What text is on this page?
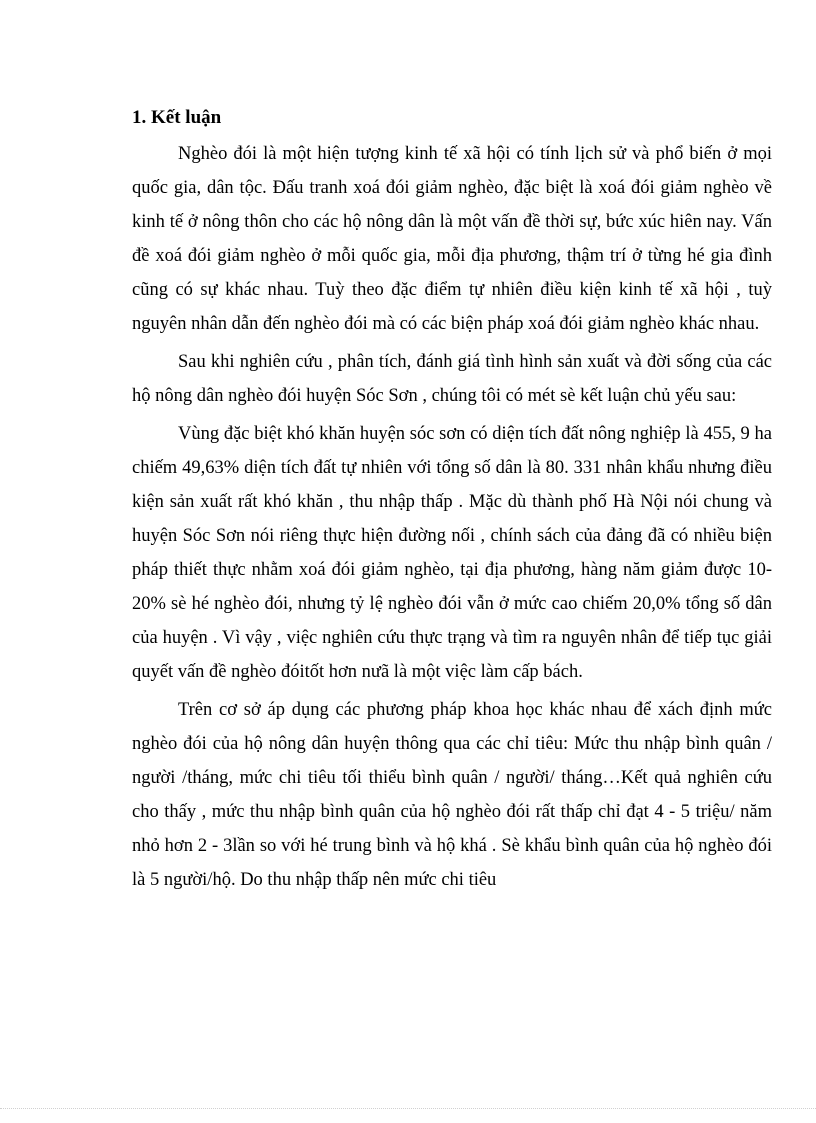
1. Kết luận

Nghèo đói là một hiện tượng kinh tế xã hội có tính lịch sử và phổ biến ở mọi quốc gia, dân tộc. Đấu tranh xoá đói giảm nghèo, đặc biệt là xoá đói giảm nghèo về kinh tế ở nông thôn cho các hộ nông dân là một vấn đề thời sự, bức xúc hiên nay. Vấn đề xoá đói giảm nghèo ở mỗi quốc gia, mỗi địa phương, thậm trí ở từng hé gia đình cũng có sự khác nhau. Tuỳ theo đặc điểm tự nhiên điều kiện kinh tế xã hội , tuỳ nguyên nhân dẫn đến nghèo đói mà có các biện pháp xoá đói giảm nghèo khác nhau.

Sau khi nghiên cứu , phân tích, đánh giá tình hình sản xuất và đời sống của các hộ nông dân nghèo đói huyện Sóc Sơn , chúng tôi có mét sè kết luận chủ yếu sau:

Vùng đặc biệt khó khăn huyện sóc sơn có diện tích đất nông nghiệp là 455, 9 ha chiếm 49,63% diện tích đất tự nhiên với tổng số dân là 80. 331 nhân khẩu nhưng điều kiện sản xuất rất khó khăn , thu nhập thấp . Mặc dù thành phố Hà Nội nói chung và huyện Sóc Sơn nói riêng thực hiện đường nối , chính sách của đảng đã có nhiều biện pháp thiết thực nhằm xoá đói giảm nghèo, tại địa phương, hàng năm giảm được 10-20% sè hé nghèo đói, nhưng tỷ lệ nghèo đói vẫn ở mức cao chiếm 20,0% tổng số dân của huyện . Vì vậy , việc nghiên cứu thực trạng và tìm ra nguyên nhân để tiếp tục giải quyết vấn đề nghèo đóitốt hơn nưã là một việc làm cấp bách.

Trên cơ sở áp dụng các phương pháp khoa học khác nhau để xách định mức nghèo đói của hộ nông dân huyện thông qua các chỉ tiêu: Mức thu nhập bình quân / người /tháng, mức chi tiêu tối thiểu bình quân / người/ tháng…Kết quả nghiên cứu cho thấy , mức thu nhập bình quân của hộ nghèo đói rất thấp chỉ đạt 4 - 5 triệu/ năm nhỏ hơn 2 - 3lần so với hé trung bình và hộ khá . Sè khẩu bình quân của hộ nghèo đói là 5 người/hộ. Do thu nhập thấp nên mức chi tiêu
